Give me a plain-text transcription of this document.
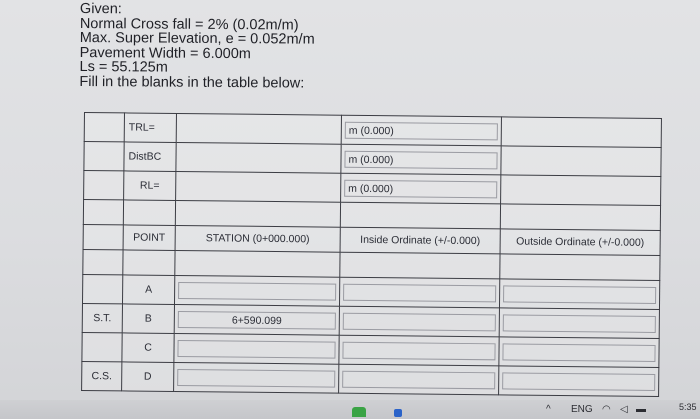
Given:
Normal Cross fall = 2% (0.02m/m)
Max. Super Elevation, e = 0.052m/m
Pavement Width = 6.000m
Ls = 55.125m
Fill in the blanks in the table below:
	TRL=		m (0.000)	

	DistBC		m (0.000)	

	RL=		m (0.000)	

	POINT	STATION (0+000.000)	Inside Ordinate (+/-0.000)	Outside Ordinate (+/-0.000)

	A	

S.T.	B	6+590.099		

	C	

C.S.	D	

^ ENG ◠ ◁ ▬	5:35
